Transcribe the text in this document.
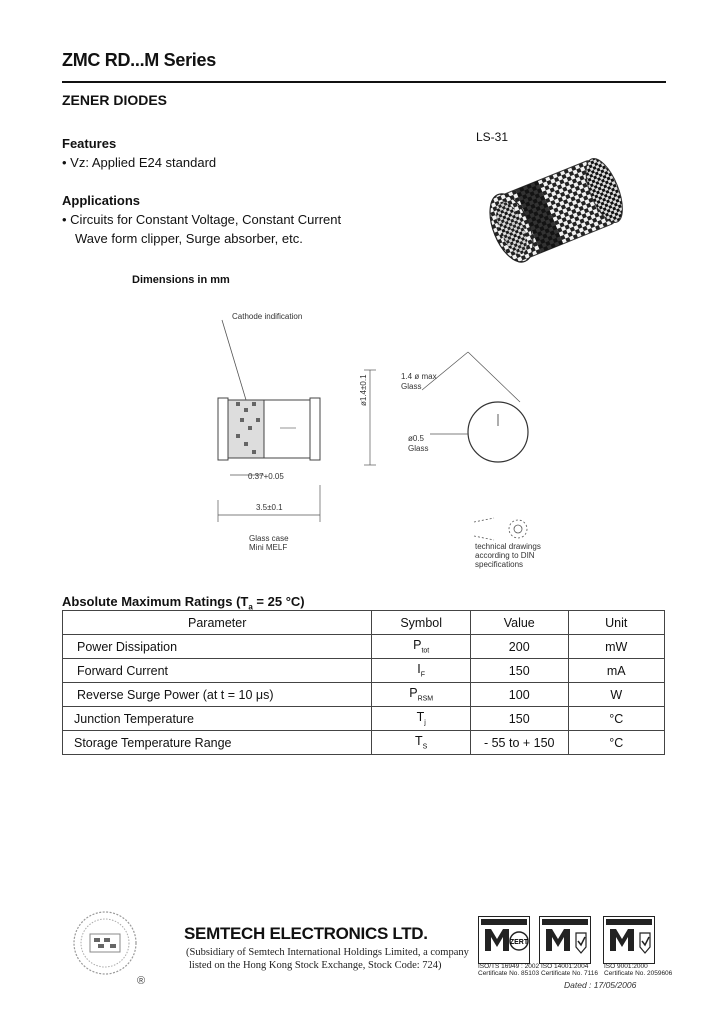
ZMC RD...M Series
ZENER DIODES
Features
• Vz: Applied E24 standard
Applications
• Circuits for Constant Voltage, Constant Current
Wave form clipper, Surge absorber, etc.
LS-31
Dimensions in mm
Cathode indification
0.37+0.05
3.5±0.1
Glass case
Mini MELF
ø1.4±0.1	1.4 ø max
Glass
ø0.5
Glass
technical drawings
according to DIN
specifications
Absolute Maximum Ratings ($T_a = 25$ °C)
Parameter	Symbol	Value	Unit
Power Dissipation	$P_{tot}$	200	mW
Forward Current	$I_F$	150	mA
Reverse Surge Power (at t = 10 μs)	$P_{RSM}$	100	W
Junction Temperature	$T_j$	150	°C
Storage Temperature Range	$T_S$	- 55 to + 150	°C
®
SEMTECH ELECTRONICS LTD.
(Subsidiary of Semtech International Holdings Limited, a company
listed on the Hong Kong Stock Exchange, Stock Code: 724)
ZERT
ISO/TS 16949 : 2002
Certificate No. 85103
ISO 14001:2004
Certificate No. 7116
ISO 9001:2000
Certificate No. 2059606
Dated : 17/05/2006
